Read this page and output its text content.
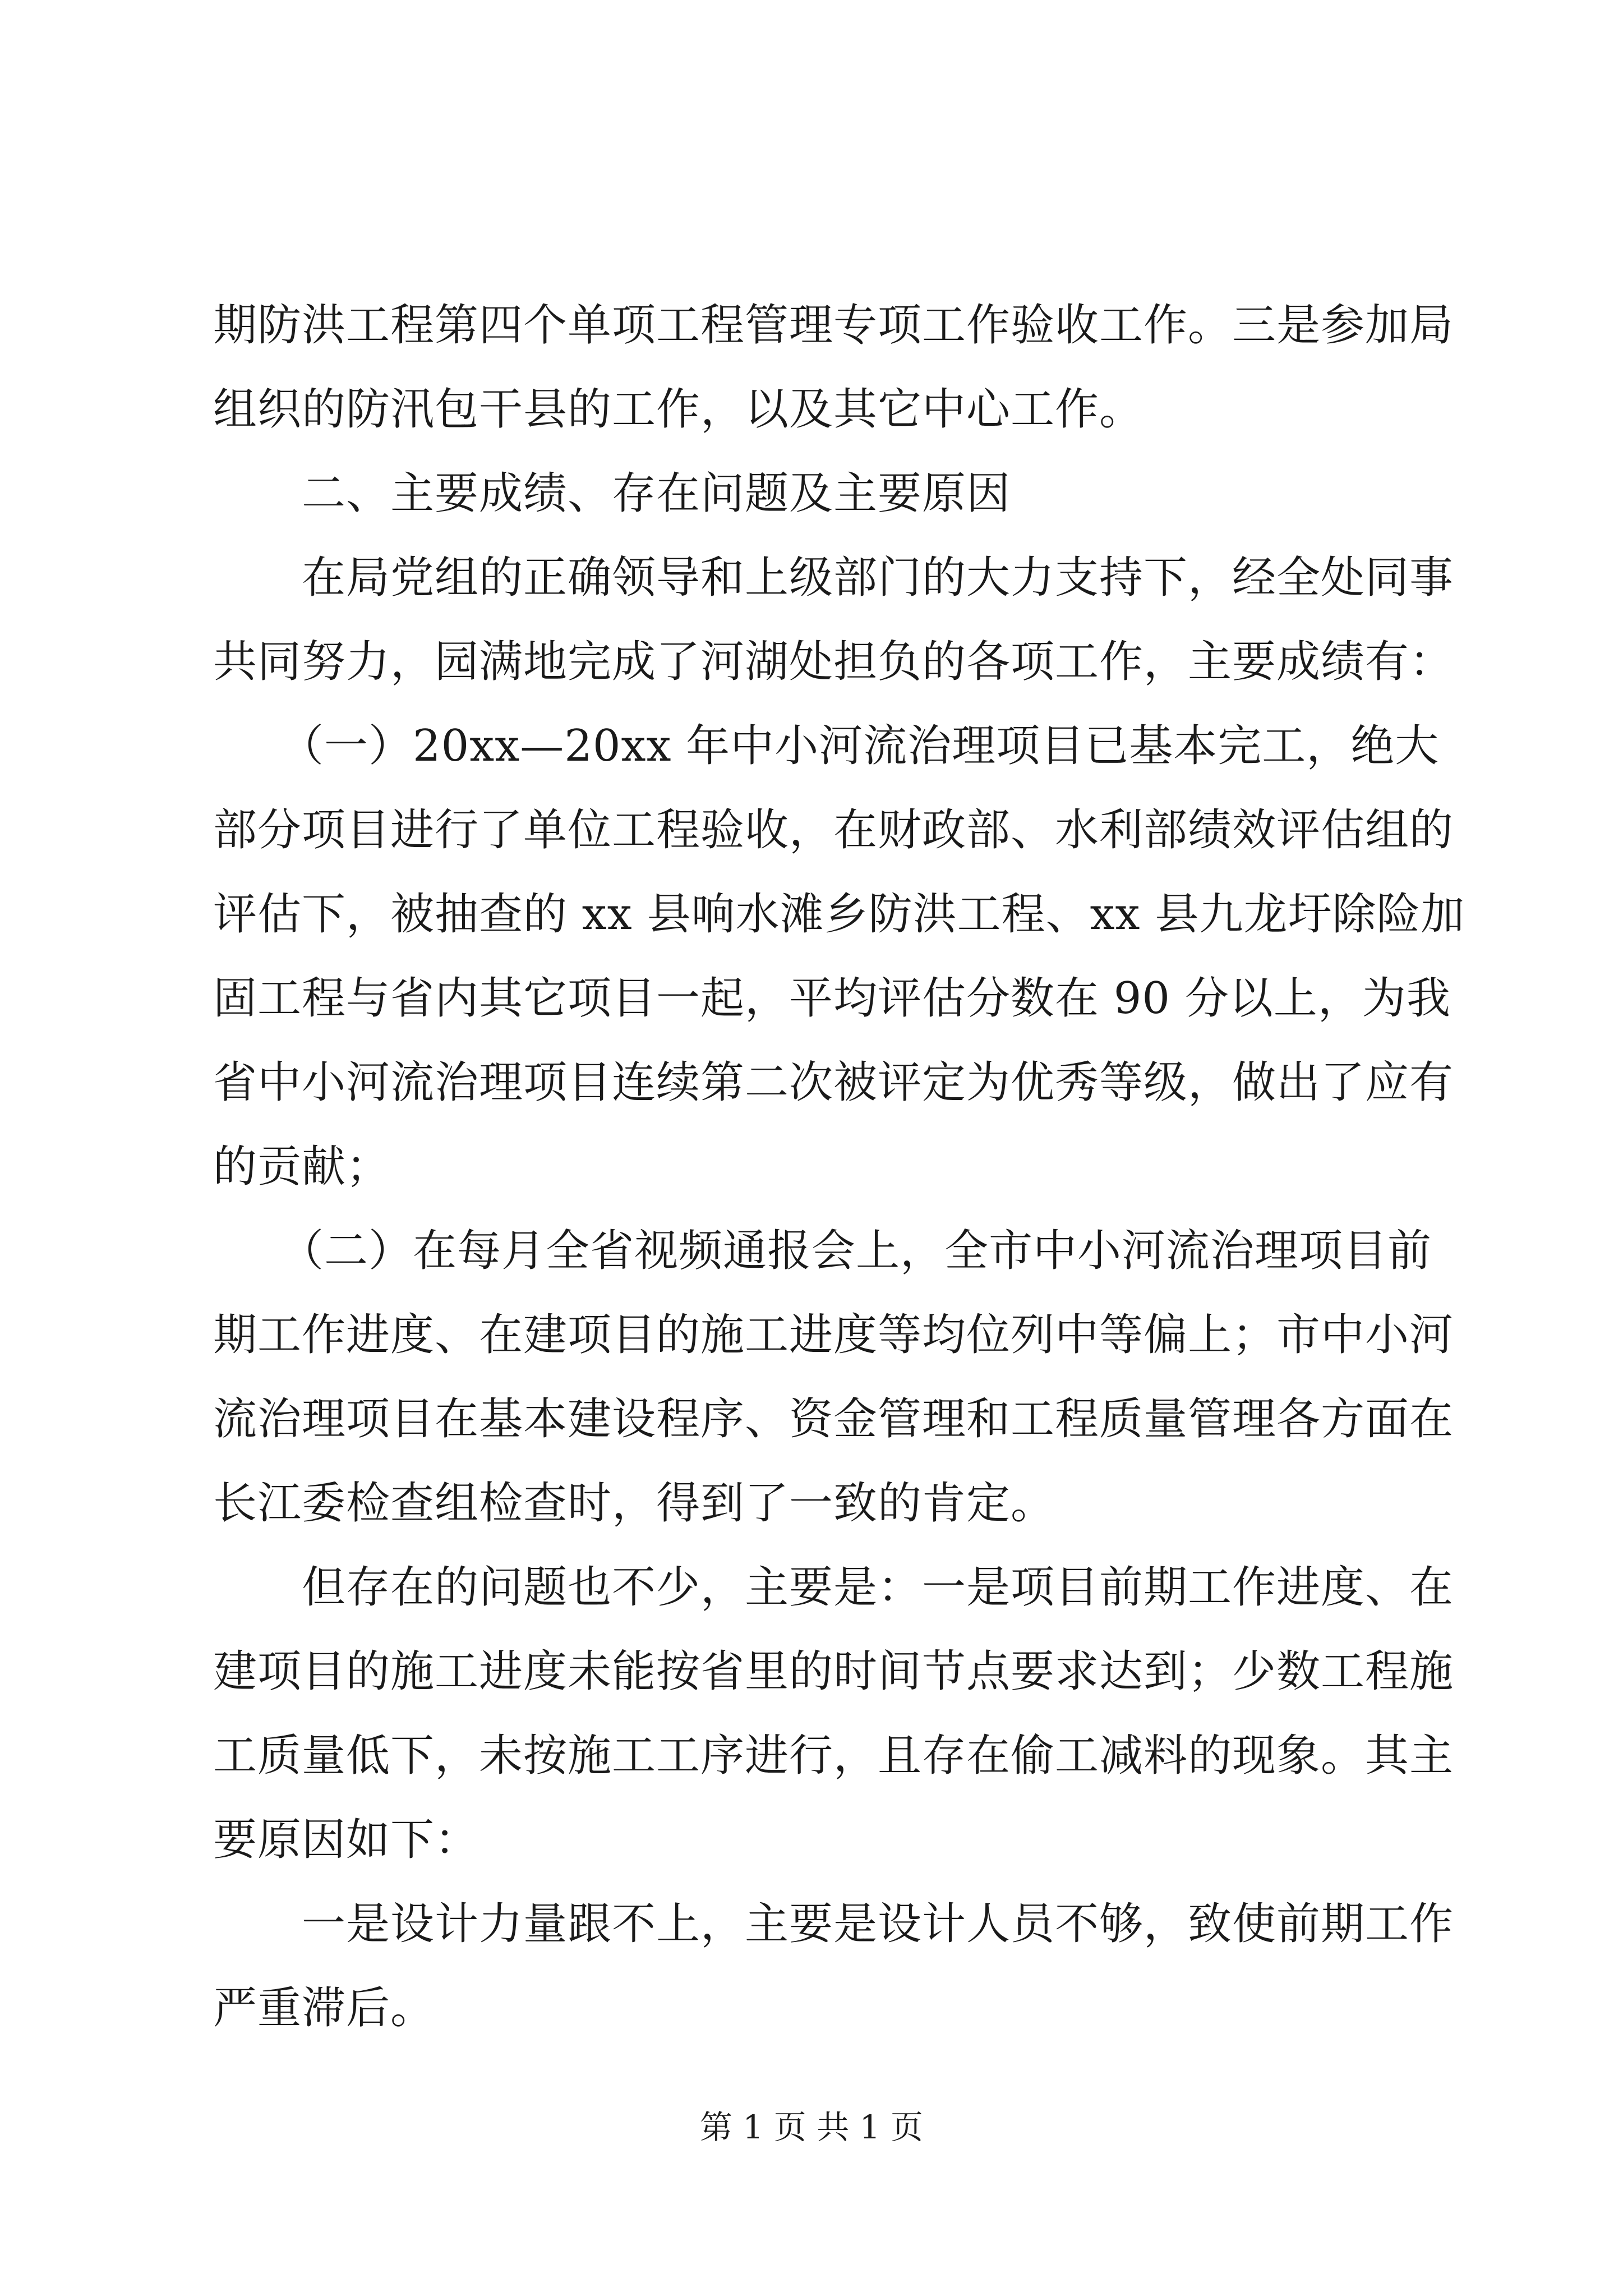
期防洪工程第四个单项工程管理专项工作验收工作。三是参加局
组织的防汛包干县的工作，以及其它中心工作。
　　二、主要成绩、存在问题及主要原因
　　在局党组的正确领导和上级部门的大力支持下，经全处同事
共同努力，园满地完成了河湖处担负的各项工作，主要成绩有：
　　（一）20xx—20xx 年中小河流治理项目已基本完工，绝大
部分项目进行了单位工程验收，在财政部、水利部绩效评估组的
评估下，被抽查的 xx 县响水滩乡防洪工程、xx 县九龙圩除险加
固工程与省内其它项目一起，平均评估分数在 90 分以上，为我
省中小河流治理项目连续第二次被评定为优秀等级，做出了应有
的贡献；
　　（二）在每月全省视频通报会上，全市中小河流治理项目前
期工作进度、在建项目的施工进度等均位列中等偏上；市中小河
流治理项目在基本建设程序、资金管理和工程质量管理各方面在
长江委检查组检查时，得到了一致的肯定。
　　但存在的问题也不少，主要是：一是项目前期工作进度、在
建项目的施工进度未能按省里的时间节点要求达到；少数工程施
工质量低下，未按施工工序进行，且存在偷工减料的现象。其主
要原因如下：
　　一是设计力量跟不上，主要是设计人员不够，致使前期工作
严重滞后。
第 1 页 共 1 页
